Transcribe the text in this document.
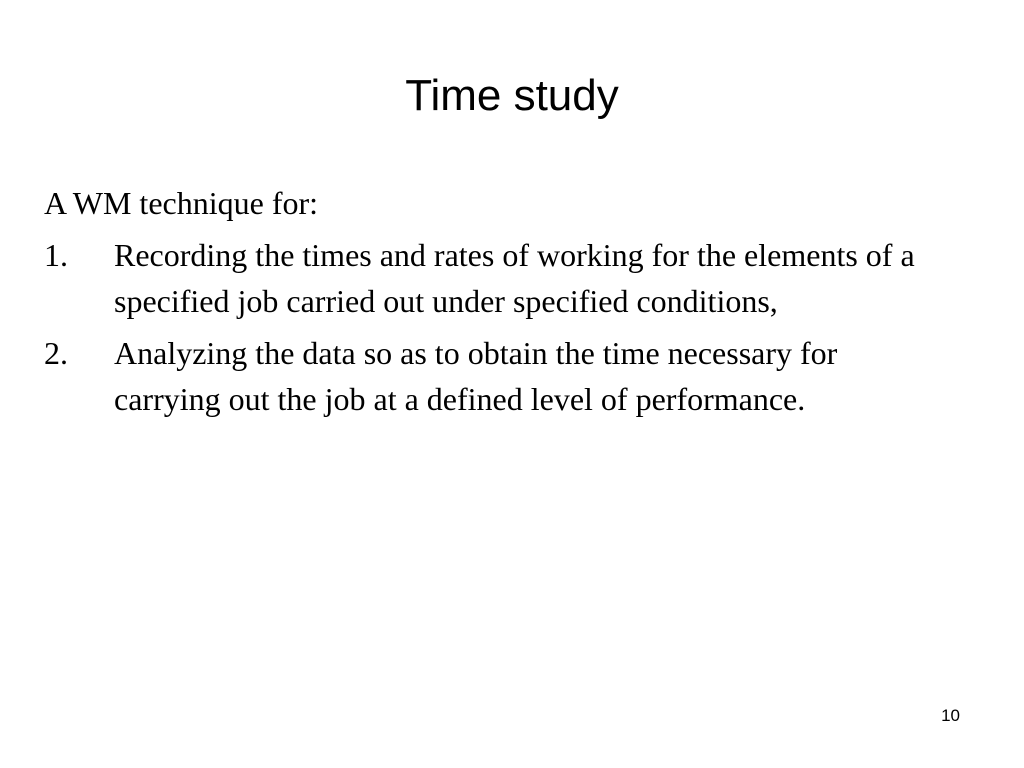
Time study

A WM technique for:

1. Recording the times and rates of working for the elements of a specified job carried out under specified conditions,
2. Analyzing the data so as to obtain the time necessary for carrying out the job at a defined level of performance.
10
